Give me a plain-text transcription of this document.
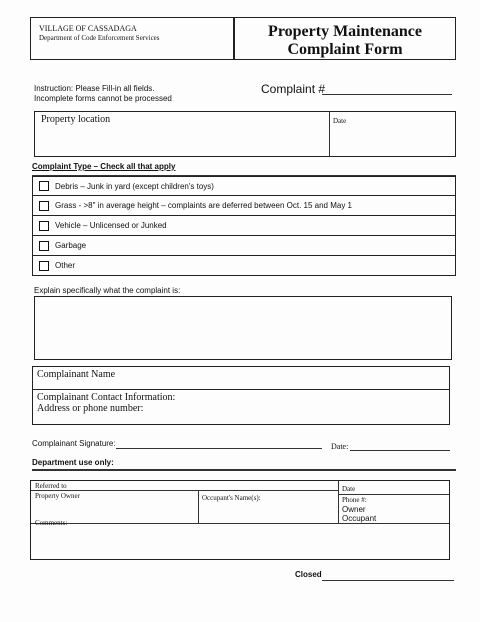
VILLAGE OF CASSADAGA
Department of Code Enforcement Services	Property Maintenance
Complaint Form
Instruction: Please Fill-in all fields.
Incomplete forms cannot be processed
Complaint #
Property location	Date
Complaint Type – Check all that apply
Debris – Junk in yard (except children's toys)
Grass - >8" in average height – complaints are deferred between Oct. 15 and May 1
Vehicle – Unlicensed or Junked
Garbage
Other
Explain specifically what the complaint is:
Complainant Name
Complainant Contact Information:
Address or phone number:
Complainant Signature:	Date:
Department use only:
Referred to	Date
Property Owner	Occupant's Name(s):	Phone #:
Owner
Occupant
Comments:
Closed
